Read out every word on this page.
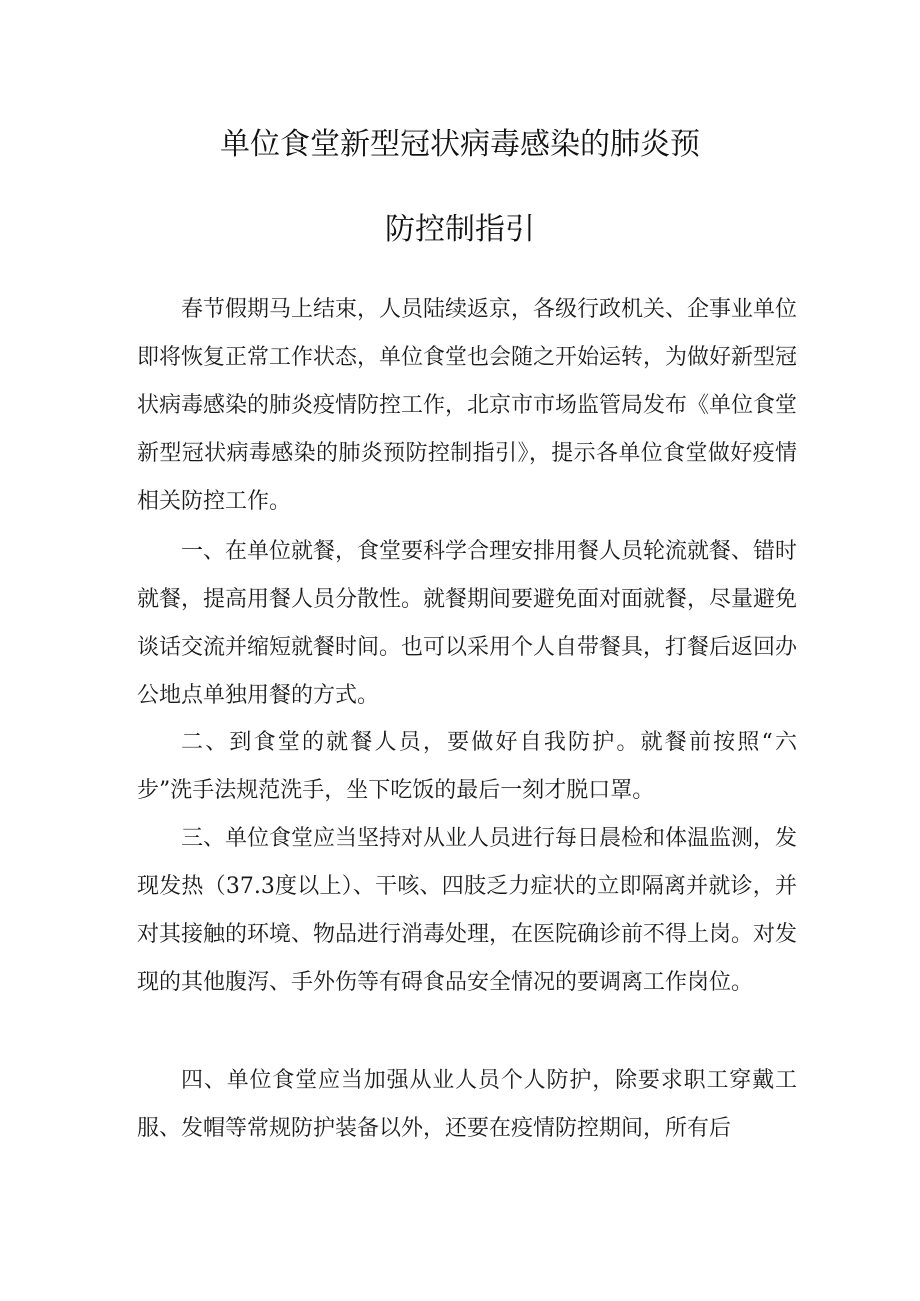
单位食堂新型冠状病毒感染的肺炎预
防控制指引

春节假期马上结束，人员陆续返京，各级行政机关、企事业单位即将恢复正常工作状态，单位食堂也会随之开始运转，为做好新型冠状病毒感染的肺炎疫情防控工作，北京市市场监管局发布《单位食堂新型冠状病毒感染的肺炎预防控制指引》，提示各单位食堂做好疫情相关防控工作。

一、在单位就餐，食堂要科学合理安排用餐人员轮流就餐、错时就餐，提高用餐人员分散性。就餐期间要避免面对面就餐，尽量避免谈话交流并缩短就餐时间。也可以采用个人自带餐具，打餐后返回办公地点单独用餐的方式。

二、到食堂的就餐人员，要做好自我防护。就餐前按照“六步”洗手法规范洗手，坐下吃饭的最后一刻才脱口罩。

三、单位食堂应当坚持对从业人员进行每日晨检和体温监测，发现发热（37.3度以上）、干咳、四肢乏力症状的立即隔离并就诊，并对其接触的环境、物品进行消毒处理，在医院确诊前不得上岗。对发现的其他腹泻、手外伤等有碍食品安全情况的要调离工作岗位。

四、单位食堂应当加强从业人员个人防护，除要求职工穿戴工服、发帽等常规防护装备以外，还要在疫情防控期间，所有后
